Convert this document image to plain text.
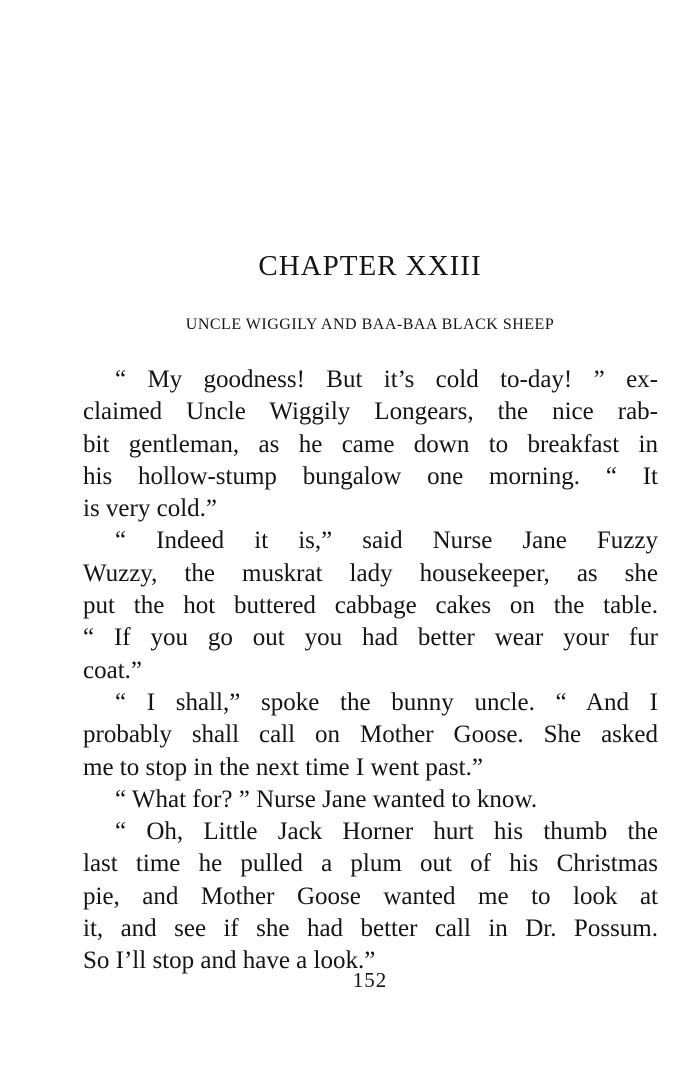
CHAPTER XXIII
UNCLE WIGGILY AND BAA-BAA BLACK SHEEP

“ My goodness! But it’s cold to-day! ” ex-
claimed Uncle Wiggily Longears, the nice rab-
bit gentleman, as he came down to breakfast in
his hollow-stump bungalow one morning. “ It
is very cold.”

“ Indeed it is,” said Nurse Jane Fuzzy
Wuzzy, the muskrat lady housekeeper, as she
put the hot buttered cabbage cakes on the table.
“ If you go out you had better wear your fur
coat.”

“ I shall,” spoke the bunny uncle. “ And I
probably shall call on Mother Goose. She asked
me to stop in the next time I went past.”

“ What for? ” Nurse Jane wanted to know.

“ Oh, Little Jack Horner hurt his thumb the
last time he pulled a plum out of his Christmas
pie, and Mother Goose wanted me to look at
it, and see if she had better call in Dr. Possum.
So I’ll stop and have a look.”

152
